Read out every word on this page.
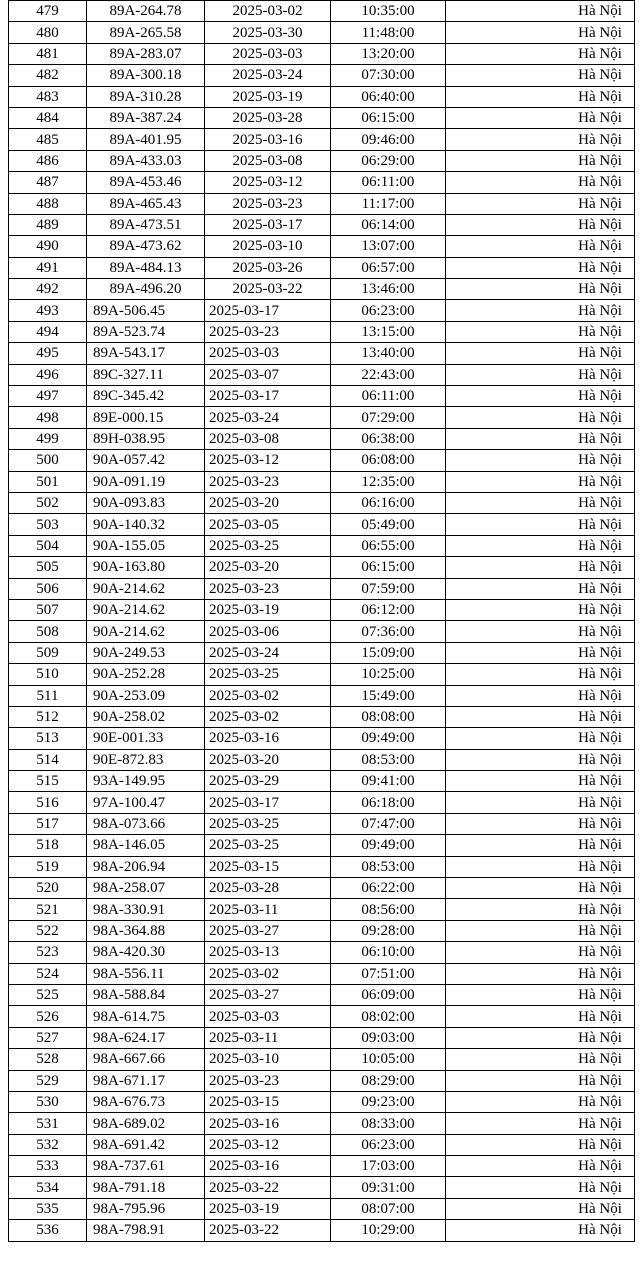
479	89A-264.78	2025-03-02	10:35:00	Hà Nội
480	89A-265.58	2025-03-30	11:48:00	Hà Nội
481	89A-283.07	2025-03-03	13:20:00	Hà Nội
482	89A-300.18	2025-03-24	07:30:00	Hà Nội
483	89A-310.28	2025-03-19	06:40:00	Hà Nội
484	89A-387.24	2025-03-28	06:15:00	Hà Nội
485	89A-401.95	2025-03-16	09:46:00	Hà Nội
486	89A-433.03	2025-03-08	06:29:00	Hà Nội
487	89A-453.46	2025-03-12	06:11:00	Hà Nội
488	89A-465.43	2025-03-23	11:17:00	Hà Nội
489	89A-473.51	2025-03-17	06:14:00	Hà Nội
490	89A-473.62	2025-03-10	13:07:00	Hà Nội
491	89A-484.13	2025-03-26	06:57:00	Hà Nội
492	89A-496.20	2025-03-22	13:46:00	Hà Nội
493	89A-506.45	2025-03-17	06:23:00	Hà Nội
494	89A-523.74	2025-03-23	13:15:00	Hà Nội
495	89A-543.17	2025-03-03	13:40:00	Hà Nội
496	89C-327.11	2025-03-07	22:43:00	Hà Nội
497	89C-345.42	2025-03-17	06:11:00	Hà Nội
498	89E-000.15	2025-03-24	07:29:00	Hà Nội
499	89H-038.95	2025-03-08	06:38:00	Hà Nội
500	90A-057.42	2025-03-12	06:08:00	Hà Nội
501	90A-091.19	2025-03-23	12:35:00	Hà Nội
502	90A-093.83	2025-03-20	06:16:00	Hà Nội
503	90A-140.32	2025-03-05	05:49:00	Hà Nội
504	90A-155.05	2025-03-25	06:55:00	Hà Nội
505	90A-163.80	2025-03-20	06:15:00	Hà Nội
506	90A-214.62	2025-03-23	07:59:00	Hà Nội
507	90A-214.62	2025-03-19	06:12:00	Hà Nội
508	90A-214.62	2025-03-06	07:36:00	Hà Nội
509	90A-249.53	2025-03-24	15:09:00	Hà Nội
510	90A-252.28	2025-03-25	10:25:00	Hà Nội
511	90A-253.09	2025-03-02	15:49:00	Hà Nội
512	90A-258.02	2025-03-02	08:08:00	Hà Nội
513	90E-001.33	2025-03-16	09:49:00	Hà Nội
514	90E-872.83	2025-03-20	08:53:00	Hà Nội
515	93A-149.95	2025-03-29	09:41:00	Hà Nội
516	97A-100.47	2025-03-17	06:18:00	Hà Nội
517	98A-073.66	2025-03-25	07:47:00	Hà Nội
518	98A-146.05	2025-03-25	09:49:00	Hà Nội
519	98A-206.94	2025-03-15	08:53:00	Hà Nội
520	98A-258.07	2025-03-28	06:22:00	Hà Nội
521	98A-330.91	2025-03-11	08:56:00	Hà Nội
522	98A-364.88	2025-03-27	09:28:00	Hà Nội
523	98A-420.30	2025-03-13	06:10:00	Hà Nội
524	98A-556.11	2025-03-02	07:51:00	Hà Nội
525	98A-588.84	2025-03-27	06:09:00	Hà Nội
526	98A-614.75	2025-03-03	08:02:00	Hà Nội
527	98A-624.17	2025-03-11	09:03:00	Hà Nội
528	98A-667.66	2025-03-10	10:05:00	Hà Nội
529	98A-671.17	2025-03-23	08:29:00	Hà Nội
530	98A-676.73	2025-03-15	09:23:00	Hà Nội
531	98A-689.02	2025-03-16	08:33:00	Hà Nội
532	98A-691.42	2025-03-12	06:23:00	Hà Nội
533	98A-737.61	2025-03-16	17:03:00	Hà Nội
534	98A-791.18	2025-03-22	09:31:00	Hà Nội
535	98A-795.96	2025-03-19	08:07:00	Hà Nội
536	98A-798.91	2025-03-22	10:29:00	Hà Nội
